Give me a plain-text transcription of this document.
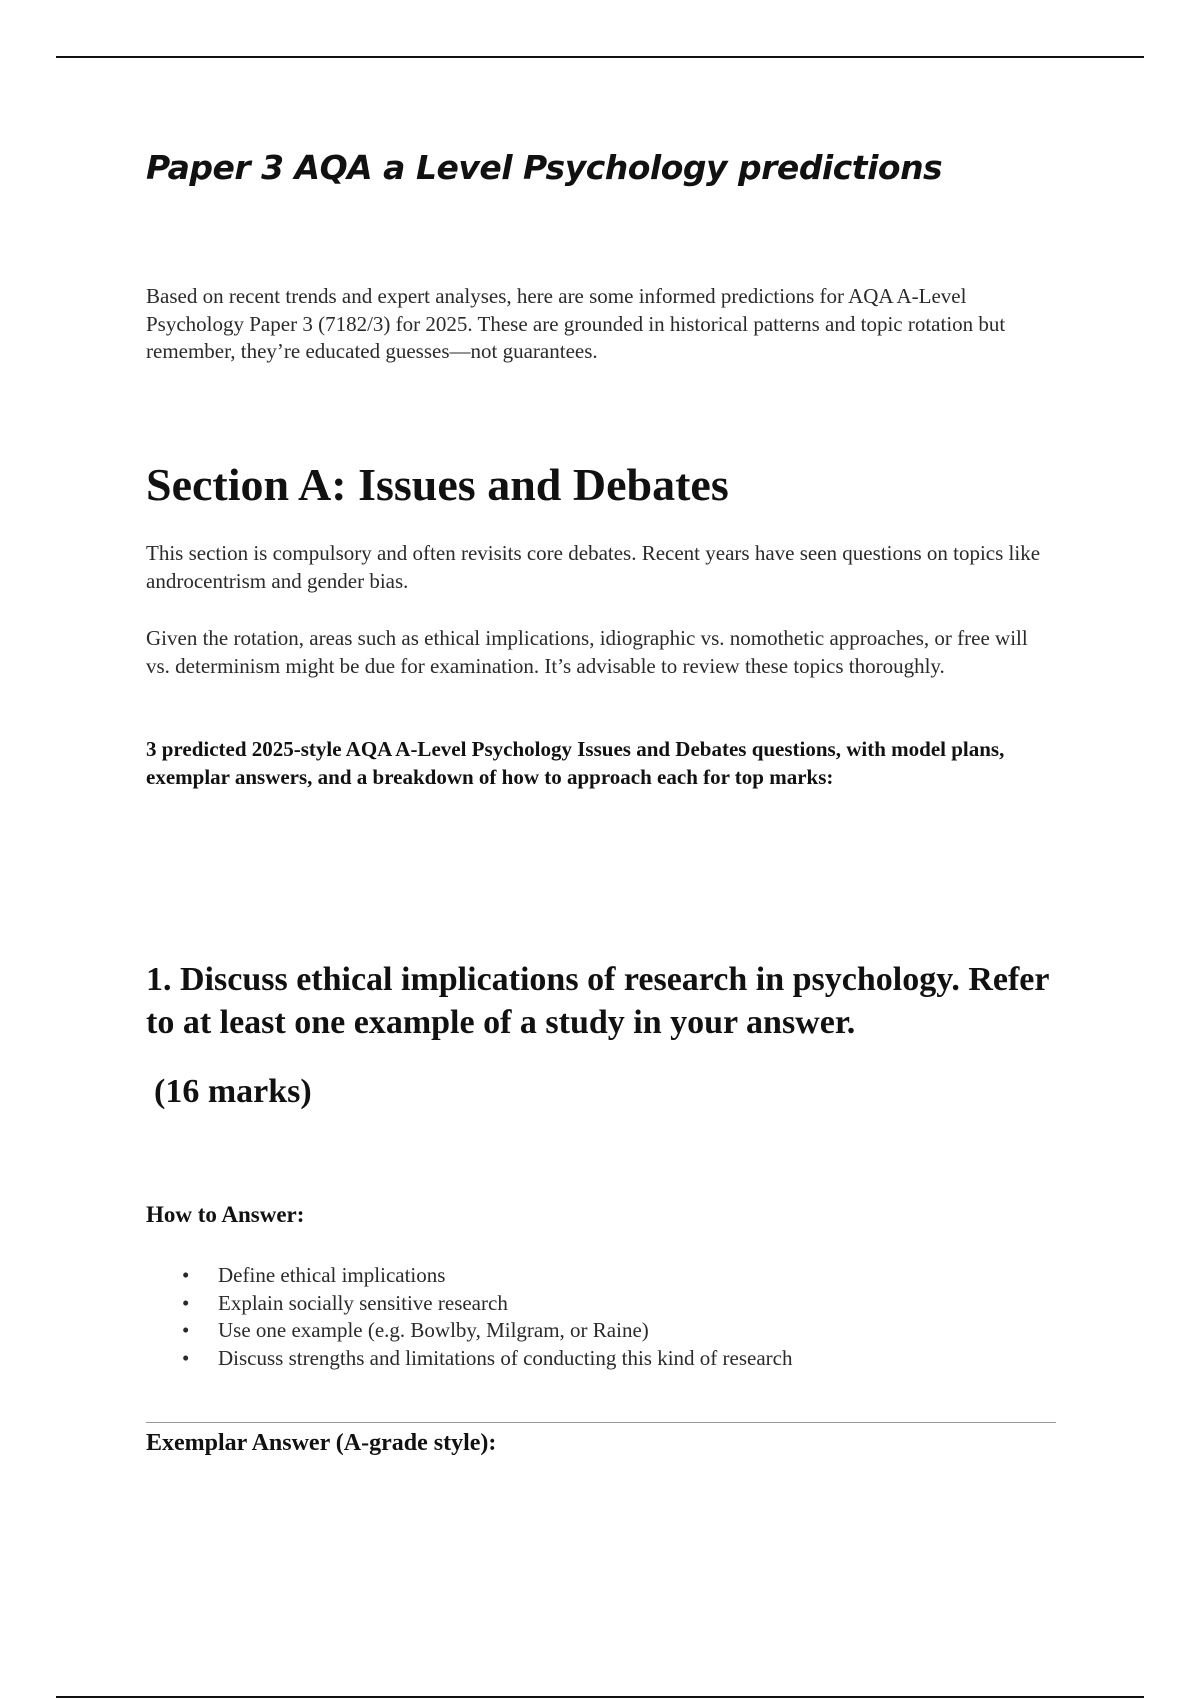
Paper 3 AQA a Level Psychology predictions

Based on recent trends and expert analyses, here are some informed predictions for AQA A-Level Psychology Paper 3 (7182/3) for 2025. These are grounded in historical patterns and topic rotation but remember, they’re educated guesses—not guarantees.

Section A: Issues and Debates

This section is compulsory and often revisits core debates. Recent years have seen questions on topics like androcentrism and gender bias.

Given the rotation, areas such as ethical implications, idiographic vs. nomothetic approaches, or free will vs. determinism might be due for examination. It’s advisable to review these topics thoroughly.

3 predicted 2025-style AQA A-Level Psychology Issues and Debates questions, with model plans, exemplar answers, and a breakdown of how to approach each for top marks:

1. Discuss ethical implications of research in psychology. Refer to at least one example of a study in your answer.

(16 marks)

How to Answer:
• Define ethical implications
• Explain socially sensitive research
• Use one example (e.g. Bowlby, Milgram, or Raine)
• Discuss strengths and limitations of conducting this kind of research
Exemplar Answer (A-grade style):
